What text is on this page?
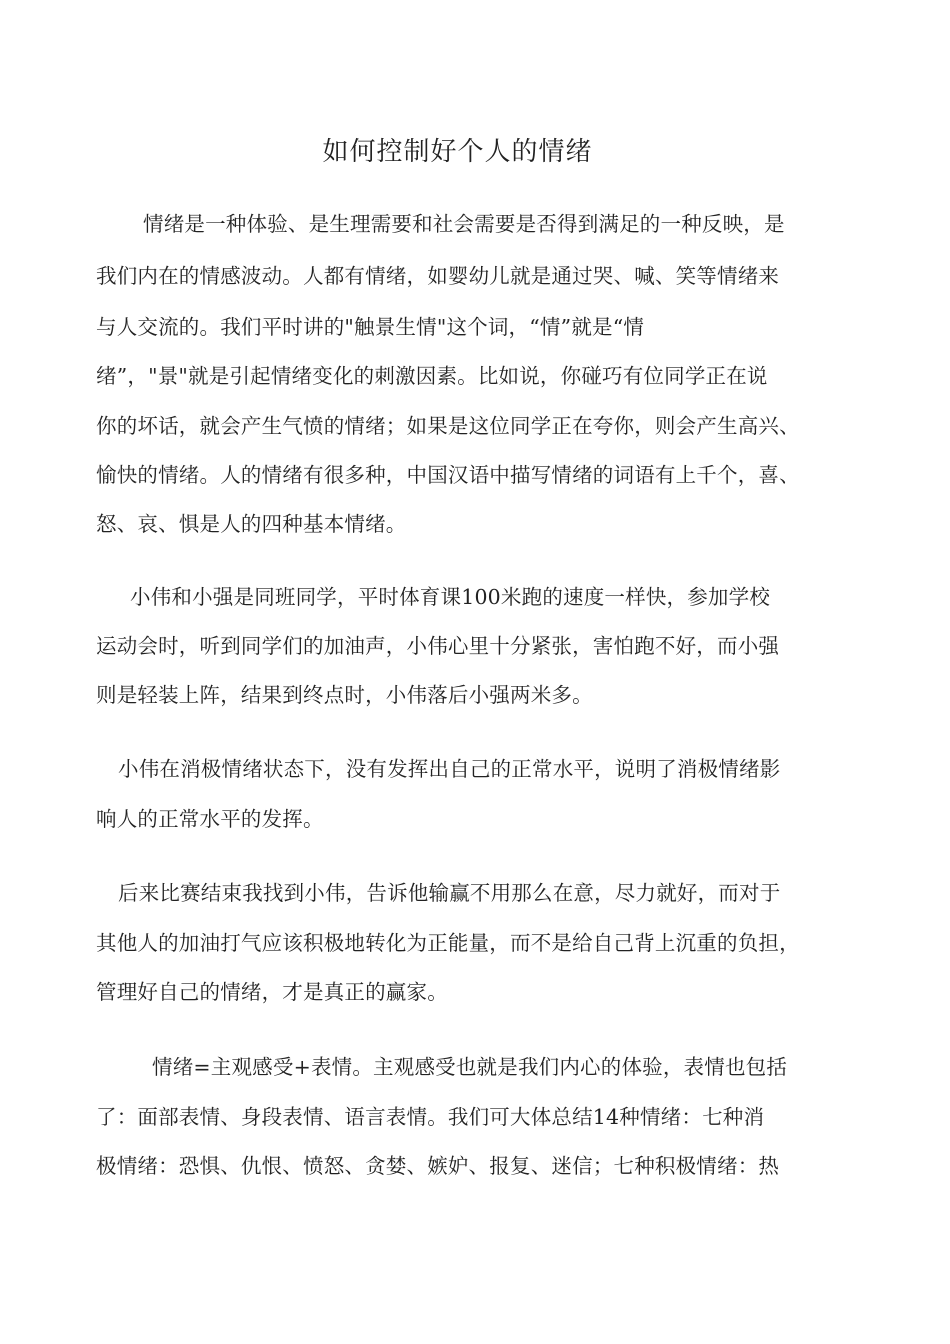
如何控制好个人的情绪
情绪是一种体验、是生理需要和社会需要是否得到满足的一种反映，是
我们内在的情感波动。人都有情绪，如婴幼儿就是通过哭、喊、笑等情绪来
与人交流的。我们平时讲的"触景生情"这个词，“情”就是“情
绪”，"景"就是引起情绪变化的刺激因素。比如说，你碰巧有位同学正在说
你的坏话，就会产生气愤的情绪；如果是这位同学正在夸你，则会产生高兴、
愉快的情绪。人的情绪有很多种，中国汉语中描写情绪的词语有上千个，喜、
怒、哀、惧是人的四种基本情绪。
小伟和小强是同班同学，平时体育课100米跑的速度一样快，参加学校
运动会时，听到同学们的加油声，小伟心里十分紧张，害怕跑不好，而小强
则是轻装上阵，结果到终点时，小伟落后小强两米多。
小伟在消极情绪状态下，没有发挥出自己的正常水平，说明了消极情绪影
响人的正常水平的发挥。
后来比赛结束我找到小伟，告诉他输赢不用那么在意，尽力就好，而对于
其他人的加油打气应该积极地转化为正能量，而不是给自己背上沉重的负担，
管理好自己的情绪，才是真正的赢家。
情绪=主观感受+表情。主观感受也就是我们内心的体验，表情也包括
了：面部表情、身段表情、语言表情。我们可大体总结14种情绪：七种消
极情绪：恐惧、仇恨、愤怒、贪婪、嫉妒、报复、迷信；七种积极情绪：热
